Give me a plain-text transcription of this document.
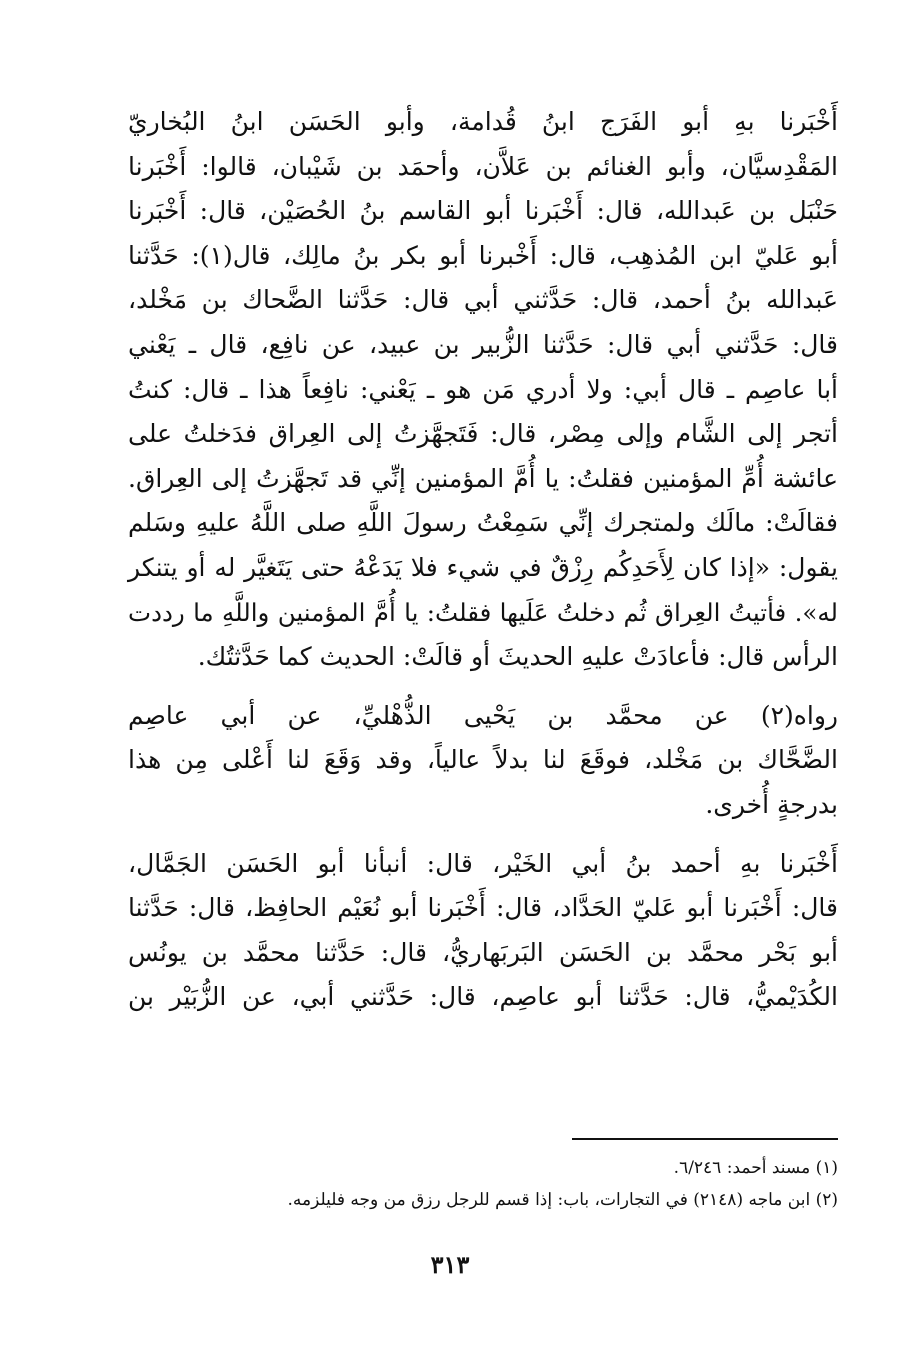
أَخْبَرنا بهِ أبو الفَرَج ابنُ قُدامة، وأبو الحَسَن ابنُ البُخاريّ
المَقْدِسيَّان، وأبو الغنائم بن عَلاَّن، وأحمَد بن شَيْبان، قالوا: أَخْبَرنا
حَنْبَل بن عَبدالله، قال: أَخْبَرنا أبو القاسم بنُ الحُصَيْن، قال: أَخْبَرنا
أبو عَليّ ابن المُذهِب، قال: أَخْبرنا أبو بكر بنُ مالِك، قال(١): حَدَّثنا
عَبدالله بنُ أحمد، قال: حَدَّثني أبي قال: حَدَّثنا الضَّحاك بن مَخْلد،
قال: حَدَّثني أبي قال: حَدَّثنا الزُّبير بن عبيد، عن نافِع، قال ـ يَعْني
أبا عاصِم ـ قال أبي: ولا أدري مَن هو ـ يَعْني: نافِعاً هذا ـ قال: كنتُ
أتجر إلى الشَّام وإلى مِصْر، قال: فَتَجهَّزتُ إلى العِراق فدَخلتُ على
عائشة أُمِّ المؤمنين فقلتُ: يا أُمَّ المؤمنين إنِّي قد تَجهَّزتُ إلى العِراق.
فقالَتْ: مالَك ولمتجرك إنِّي سَمِعْتُ رسولَ اللَّهِ صلى اللَّهُ عليهِ وسَلم
يقول: «إذا كان لِأَحَدِكُم رِزْقٌ في شيء فلا يَدَعْهُ حتى يَتَغيَّر له أو يتنكر
له». فأتيتُ العِراق ثُم دخلتُ عَلَيها فقلتُ: يا أُمَّ المؤمنين واللَّهِ ما رددت
الرأس قال: فأعادَتْ عليهِ الحديثَ أو قالَتْ: الحديث كما حَدَّثتُك.

رواه(٢) عن محمَّد بن يَحْيى الذُّهْليِّ، عن أبي عاصِم
الضَّحَّاك بن مَخْلد، فوقَعَ لنا بدلاً عالياً، وقد وَقَعَ لنا أَعْلى مِن هذا
بدرجةٍ أُخرى.

أَخْبَرنا بهِ أحمد بنُ أبي الخَيْر، قال: أنبأنا أبو الحَسَن الجَمَّال،
قال: أَخْبَرنا أبو عَليّ الحَدَّاد، قال: أَخْبَرنا أبو نُعَيْم الحافِظ، قال: حَدَّثنا
أبو بَحْر محمَّد بن الحَسَن البَربَهاريُّ، قال: حَدَّثنا محمَّد بن يونُس
الكُدَيْميُّ، قال: حَدَّثنا أبو عاصِم، قال: حَدَّثني أبي، عن الزُّبَيْر بن

(١) مسند أحمد: ٦/٢٤٦.
(٢) ابن ماجه (٢١٤٨) في التجارات، باب: إذا قسم للرجل رزق من وجه فليلزمه.
٣١٣
